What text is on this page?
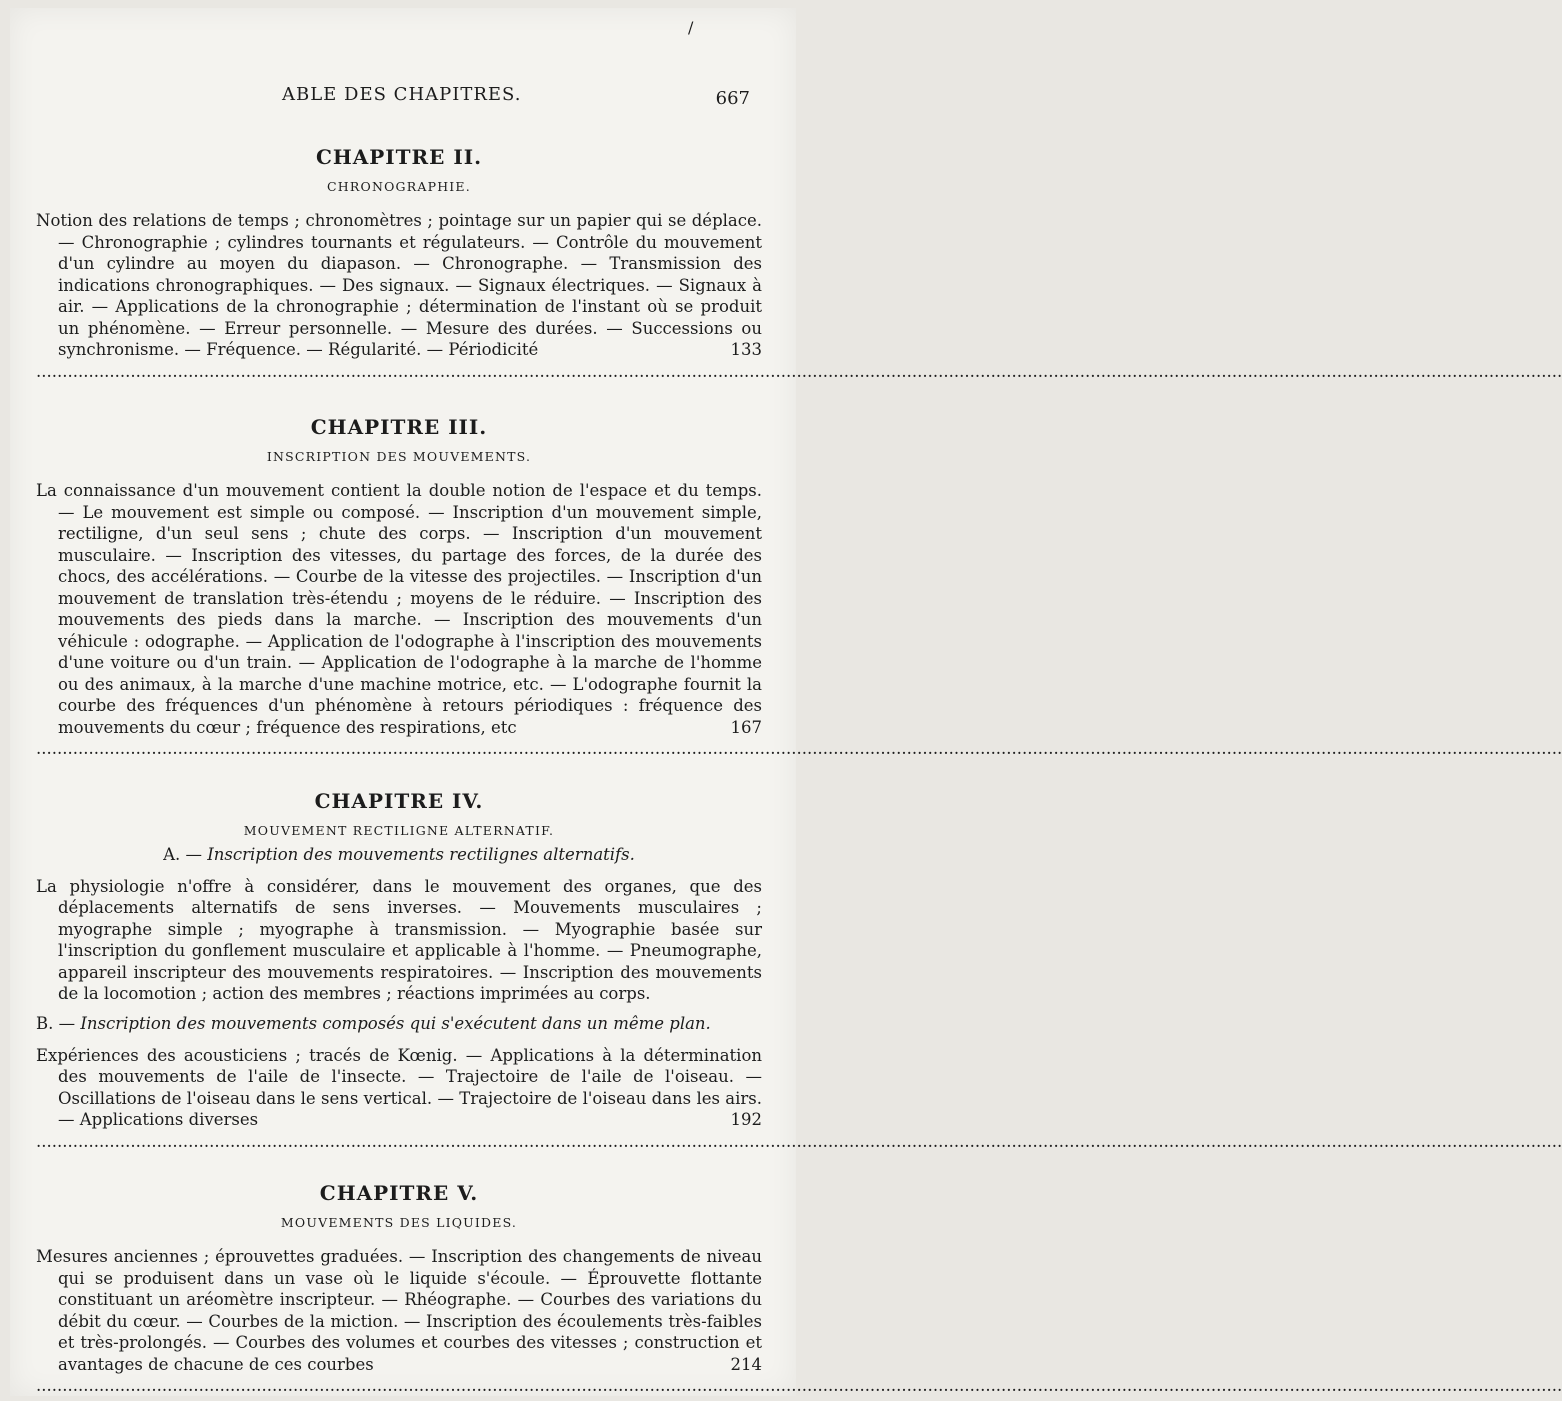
/
ABLE DES CHAPITRES.	667
CHAPITRE II.
CHRONOGRAPHIE.

Notion des relations de temps ; chronomètres ; pointage sur un papier qui se déplace. — Chronographie ; cylindres tournants et régulateurs. — Contrôle du mouvement d'un cylindre au moyen du diapason. — Chronographe. — Transmission des indications chronographiques. — Des signaux. — Signaux électriques. — Signaux à air. — Applications de la chronographie ; détermination de l'instant où se produit un phénomène. — Erreur personnelle. — Mesure des durées. — Successions ou synchronisme. — Fréquence. — Régularité. — Périodicité	133
...................................................................................................................................................................................................................................................................................................

CHAPITRE III.
INSCRIPTION DES MOUVEMENTS.

La connaissance d'un mouvement contient la double notion de l'espace et du temps. — Le mouvement est simple ou composé. — Inscription d'un mouvement simple, rectiligne, d'un seul sens ; chute des corps. — Inscription d'un mouvement musculaire. — Inscription des vitesses, du partage des forces, de la durée des chocs, des accélérations. — Courbe de la vitesse des projectiles. — Inscription d'un mouvement de translation très-étendu ; moyens de le réduire. — Inscription des mouvements des pieds dans la marche. — Inscription des mouvements d'un véhicule : odographe. — Application de l'odographe à l'inscription des mouvements d'une voiture ou d'un train. — Application de l'odographe à la marche de l'homme ou des animaux, à la marche d'une machine motrice, etc. — L'odographe fournit la courbe des fréquences d'un phénomène à retours périodiques : fréquence des mouvements du cœur ; fréquence des respirations, etc	167
...................................................................................................................................................................................................................................................................................................

CHAPITRE IV.
MOUVEMENT RECTILIGNE ALTERNATIF.
A. — Inscription des mouvements rectilignes alternatifs.

La physiologie n'offre à considérer, dans le mouvement des organes, que des déplacements alternatifs de sens inverses. — Mouvements musculaires ; myographe simple ; myographe à transmission. — Myographie basée sur l'inscription du gonflement musculaire et applicable à l'homme. — Pneumographe, appareil inscripteur des mouvements respiratoires. — Inscription des mouvements de la locomotion ; action des membres ; réactions imprimées au corps.

B. — Inscription des mouvements composés qui s'exécutent dans un même plan.

Expériences des acousticiens ; tracés de Kœnig. — Applications à la détermination des mouvements de l'aile de l'insecte. — Trajectoire de l'aile de l'oiseau. — Oscillations de l'oiseau dans le sens vertical. — Trajectoire de l'oiseau dans les airs. — Applications diverses	192
...................................................................................................................................................................................................................................................................................................

CHAPITRE V.
MOUVEMENTS DES LIQUIDES.

Mesures anciennes ; éprouvettes graduées. — Inscription des changements de niveau qui se produisent dans un vase où le liquide s'écoule. — Éprouvette flottante constituant un aréomètre inscripteur. — Rhéographe. — Courbes des variations du débit du cœur. — Courbes de la miction. — Inscription des écoulements très-faibles et très-prolongés. — Courbes des volumes et courbes des vitesses ; construction et avantages de chacune de ces courbes	214
...................................................................................................................................................................................................................................................................................................
